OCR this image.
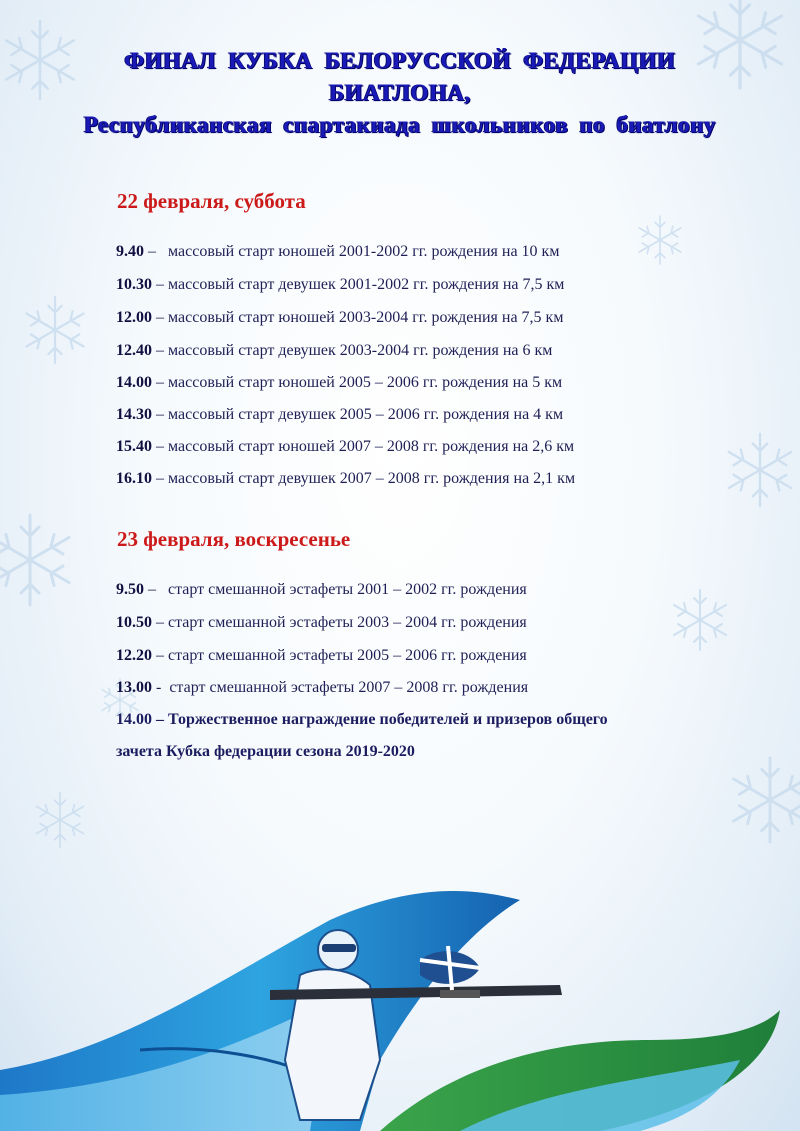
ФИНАЛ КУБКА БЕЛОРУССКОЙ ФЕДЕРАЦИИ
БИАТЛОНА,
Республиканская спартакиада школьников по биатлону
22 февраля, суббота
9.40 –   массовый старт юношей 2001-2002 гг. рождения на 10 км
10.30 – массовый старт девушек 2001-2002 гг. рождения на 7,5 км
12.00 – массовый старт юношей 2003-2004 гг. рождения на 7,5 км
12.40 – массовый старт девушек 2003-2004 гг. рождения на 6 км
14.00 – массовый старт юношей 2005 – 2006 гг. рождения на 5 км
14.30 – массовый старт девушек 2005 – 2006 гг. рождения на 4 км
15.40 – массовый старт юношей 2007 – 2008 гг. рождения на 2,6 км
16.10 – массовый старт девушек 2007 – 2008 гг. рождения на 2,1 км
23 февраля, воскресенье
9.50 –   старт смешанной эстафеты 2001 – 2002 гг. рождения
10.50 – старт смешанной эстафеты 2003 – 2004 гг. рождения
12.20 – старт смешанной эстафеты 2005 – 2006 гг. рождения
13.00 -  старт смешанной эстафеты 2007 – 2008 гг. рождения
14.00 – Торжественное награждение победителей и призеров общего
зачета Кубка федерации сезона 2019-2020
